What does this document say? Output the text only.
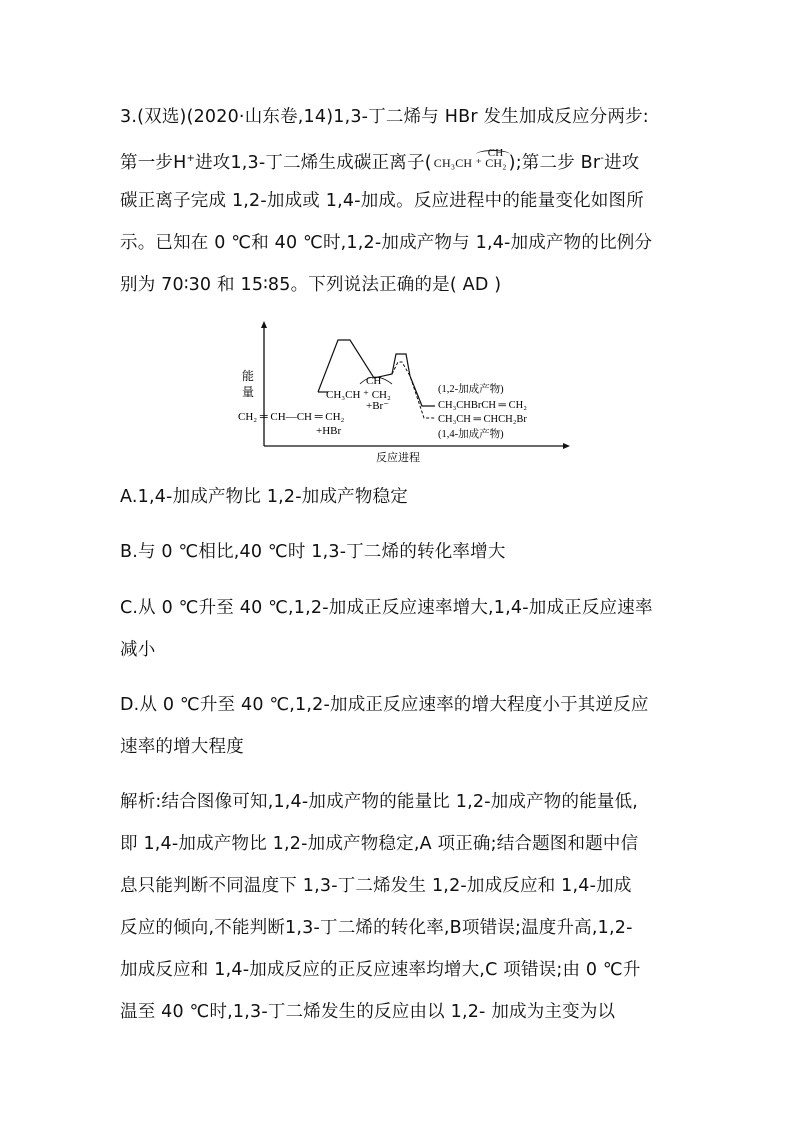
3.(双选)(2020·山东卷,14)1,3-丁二烯与 HBr 发生加成反应分两步:
第一步H+进攻1,3-丁二烯生成碳正离子(	CH
CH₃CH ⁺ CH₂ );第二步 Br-进攻
碳正离子完成 1,2-加成或 1,4-加成。反应进程中的能量变化如图所
示。已知在 0 ℃和 40 ℃时,1,2-加成产物与 1,4-加成产物的比例分
别为 70∶30 和 15∶85。下列说法正确的是( AD )
能
量
反应进程
CH₂ ═ CH—CH ═ CH₂
+HBr
CH
CH₃CH ⁺ CH₂
+Br⁻
(1,2-加成产物)
CH₃CHBrCH ═ CH₂
CH₃CH ═ CHCH₂Br
(1,4-加成产物)
A.1,4-加成产物比 1,2-加成产物稳定
B.与 0 ℃相比,40 ℃时 1,3-丁二烯的转化率增大
C.从 0 ℃升至 40 ℃,1,2-加成正反应速率增大,1,4-加成正反应速率
减小
D.从 0 ℃升至 40 ℃,1,2-加成正反应速率的增大程度小于其逆反应
速率的增大程度
解析:结合图像可知,1,4-加成产物的能量比 1,2-加成产物的能量低,
即 1,4-加成产物比 1,2-加成产物稳定,A 项正确;结合题图和题中信
息只能判断不同温度下 1,3-丁二烯发生 1,2-加成反应和 1,4-加成
反应的倾向,不能判断1,3-丁二烯的转化率,B项错误;温度升高,1,2-
加成反应和 1,4-加成反应的正反应速率均增大,C 项错误;由 0 ℃升
温至 40 ℃时,1,3-丁二烯发生的反应由以 1,2- 加成为主变为以
